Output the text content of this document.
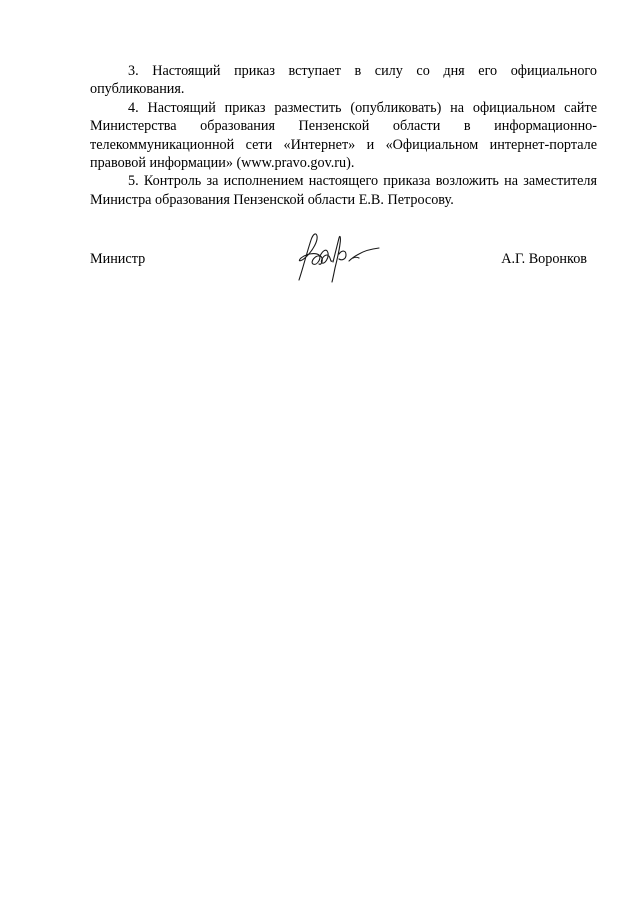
3. Настоящий приказ вступает в силу со дня его официального опубликования.

4. Настоящий приказ разместить (опубликовать) на официальном сайте Министерства образования Пензенской области в информационно-телекоммуникационной сети «Интернет» и «Официальном интернет-портале правовой информации» (www.pravo.gov.ru).

5. Контроль за исполнением настоящего приказа возложить на заместителя Министра образования Пензенской области Е.В. Петросову.

Министр	А.Г. Воронков
